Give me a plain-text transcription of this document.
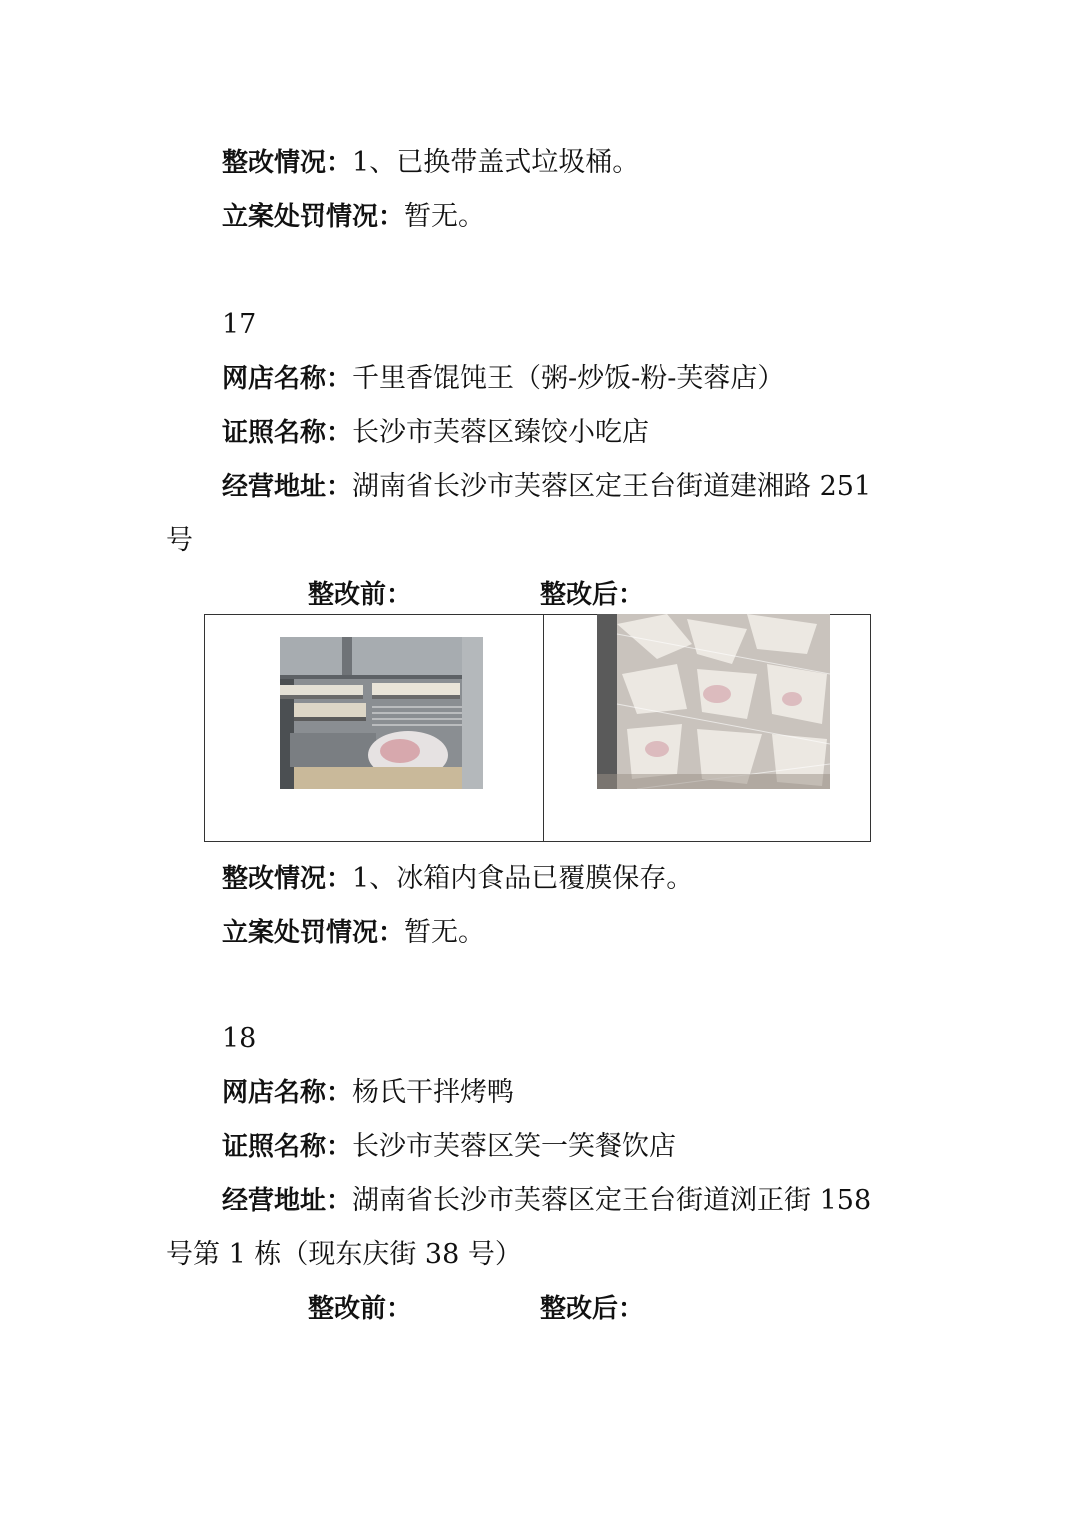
整改情况：1、已换带盖式垃圾桶。
立案处罚情况：暂无。
17
网店名称：千里香馄饨王（粥-炒饭-粉-芙蓉店）
证照名称：长沙市芙蓉区臻饺小吃店
经营地址：湖南省长沙市芙蓉区定王台街道建湘路 251
号
整改前：	整改后：
整改情况：1、冰箱内食品已覆膜保存。
立案处罚情况：暂无。
18
网店名称：杨氏干拌烤鸭
证照名称：长沙市芙蓉区笑一笑餐饮店
经营地址：湖南省长沙市芙蓉区定王台街道浏正街 158
号第 1 栋（现东庆街 38 号）
整改前：	整改后：
